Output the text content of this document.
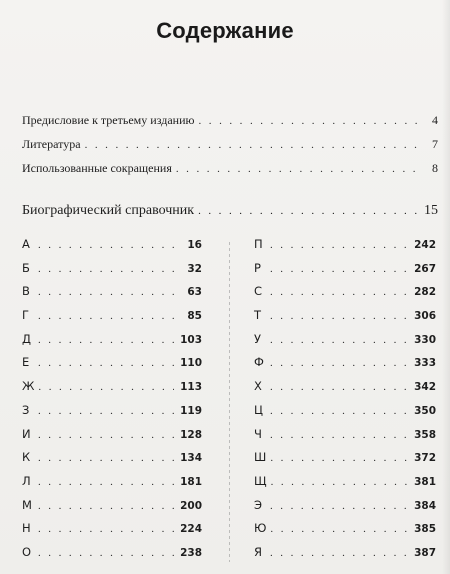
Содержание
Предисловие к третьему изданию . . .	4
Литература . . .	7
Использованные сокращения . . .	8
Биографический справочник . . .	15
А . . .	16
Б . . .	32
В . . .	63
Г . . .	85
Д . . .	103
Е . . .	110
Ж . . .	113
З . . .	119
И . . .	128
К . . .	134
Л . . .	181
М . . .	200
Н . . .	224
О . . .	238
П . . .	242
Р . . .	267
С . . .	282
Т . . .	306
У . . .	330
Ф . . .	333
Х . . .	342
Ц . . .	350
Ч . . .	358
Ш . . .	372
Щ . . .	381
Э . . .	384
Ю . . .	385
Я . . .	387
